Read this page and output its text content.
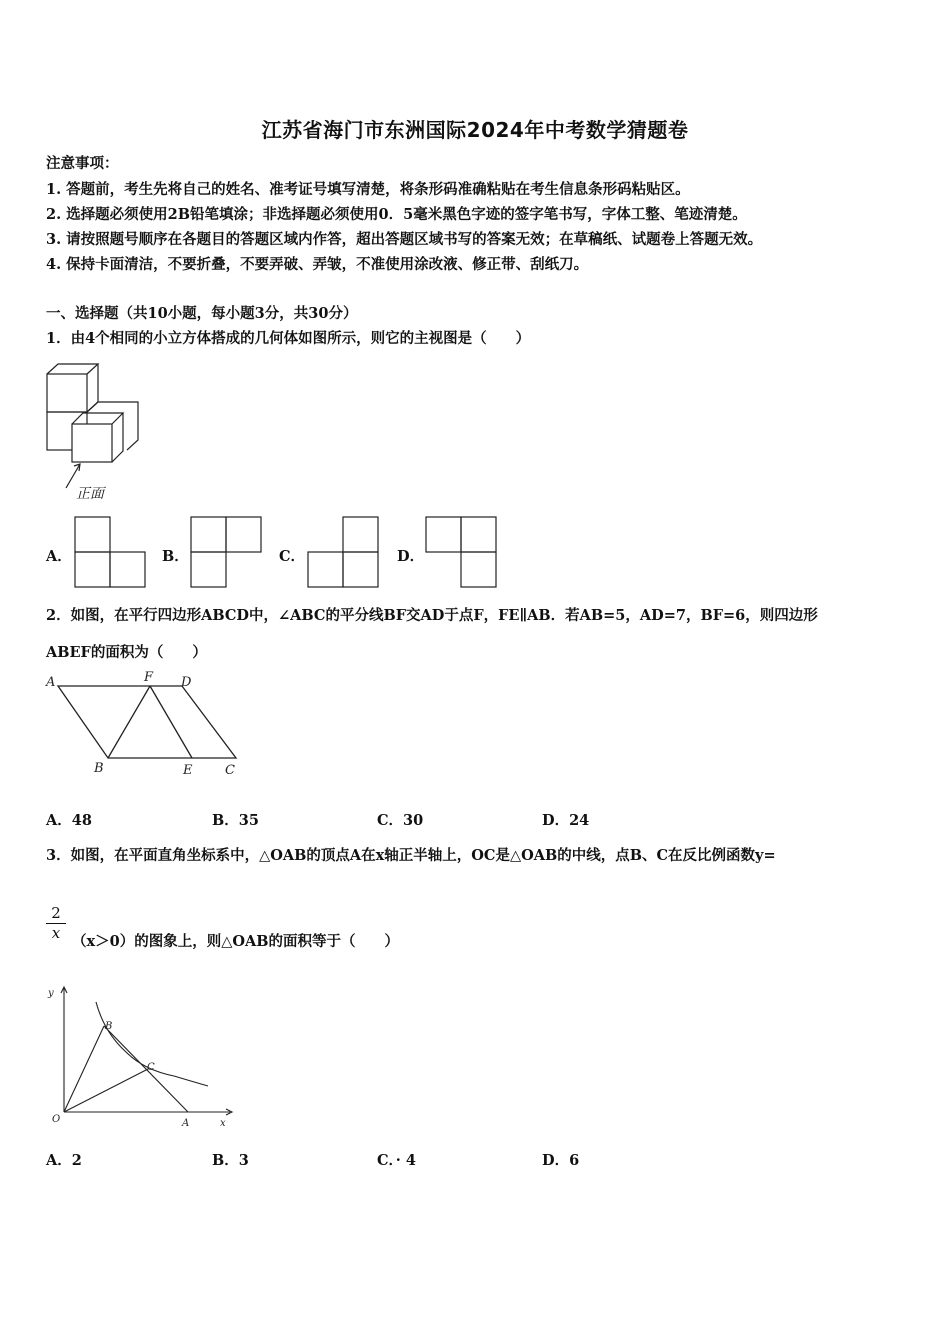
江苏省海门市东洲国际2024年中考数学猜题卷
注意事项：
1. 答题前，考生先将自己的姓名、准考证号填写清楚，将条形码准确粘贴在考生信息条形码粘贴区。
2. 选择题必须使用2B铅笔填涂；非选择题必须使用0．5毫米黑色字迹的签字笔书写，字体工整、笔迹清楚。
3. 请按照题号顺序在各题目的答题区域内作答，超出答题区域书写的答案无效；在草稿纸、试题卷上答题无效。
4. 保持卡面清洁，不要折叠，不要弄破、弄皱，不准使用涂改液、修正带、刮纸刀。
一、选择题（共10小题，每小题3分，共30分）
1．由4个相同的小立方体搭成的几何体如图所示，则它的主视图是（　　）
正面
A．	B．	C．	D．
2．如图，在平行四边形ABCD中，∠ABC的平分线BF交AD于点F，FE∥AB．若AB=5，AD=7，BF=6，则四边形
ABEF的面积为（　　）
A	F D
B	E	C
A．48	B．35	C．30	D．24
3．如图，在平面直角坐标系中，△OAB的顶点A在x轴正半轴上，OC是△OAB的中线，点B、C在反比例函数y=
$\frac{2}{x} (x>0)$的图象上，则△OAB的面积等于（　　）
y
x
O	A
B
C
A．2	B．3	C．· 4	D．6
